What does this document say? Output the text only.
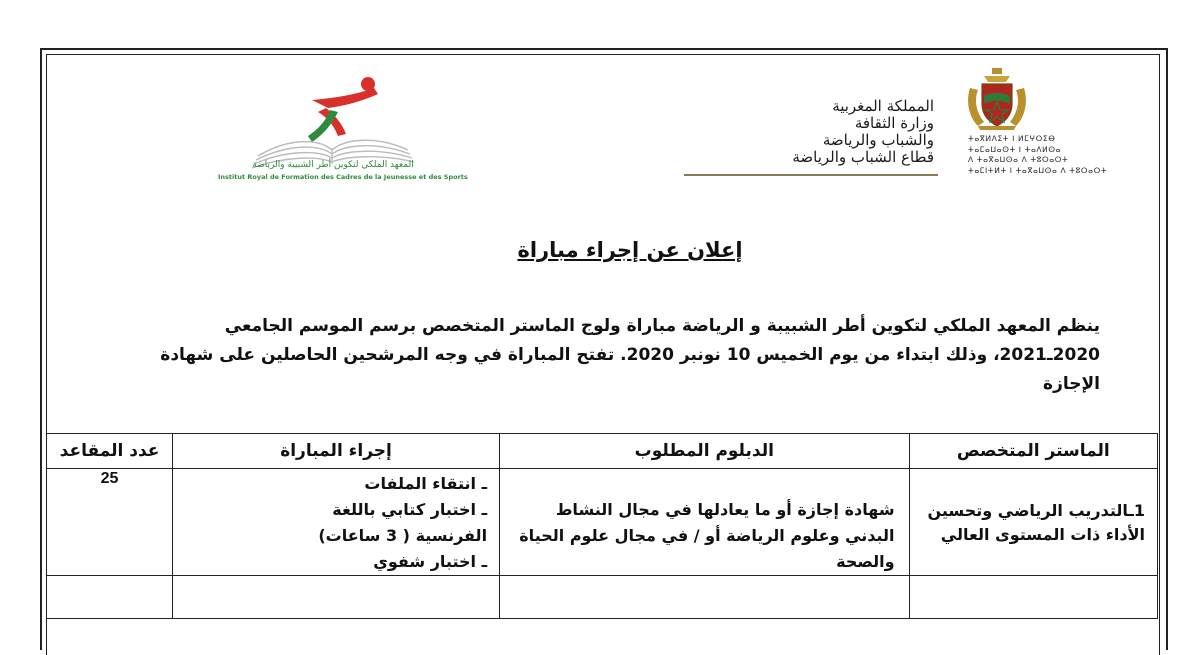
المعهد الملكي لتكوين أطر الشبيبة والرياضة
Institut Royal de Formation des Cadres de la Jeunesse et des Sports
المملكة المغربية
وزارة الثقافة
والشباب والرياضة
قطاع الشباب والرياضة
ⵜⴰⴳⵍⴷⵉⵜ ⵏ ⵍⵎⵖⵔⵉⴱ
ⵜⴰⵎⴰⵡⴰⵙⵜ ⵏ ⵜⴰⴷⵍⵙⴰ
ⴷ ⵜⴰⴳⴰⵡⵙⴰ ⴷ ⵜⵓⵔⴰⵔⵜ
ⵜⴰⵎⵏⵜⵍⵜ ⵏ ⵜⴰⴳⴰⵡⵙⴰ ⴷ ⵜⵓⵔⴰⵔⵜ
إعلان عن إجراء مباراة
ينظم المعهد الملكي لتكوين أطر الشبيبة و الرياضة مباراة ولوج الماستر المتخصص برسم الموسم الجامعي 2020ـ2021، وذلك ابتداء من يوم الخميس 10 نونبر 2020. تفتح المباراة في وجه المرشحين الحاصلين على شهادة الإجازة
الماستر المتخصص	الدبلوم المطلوب	إجراء المباراة	عدد المقاعد
1ـالتدريب الرياضي وتحسين الأداء ذات المستوى العالي	شهادة إجازة أو ما يعادلها في مجال النشاط البدني وعلوم الرياضة أو / في مجال علوم الحياة والصحة	ـ انتقاء الملفات
ـ اختبار كتابي باللغة
الفرنسية ( 3 ساعات)
ـ اختبار شفوي	25
